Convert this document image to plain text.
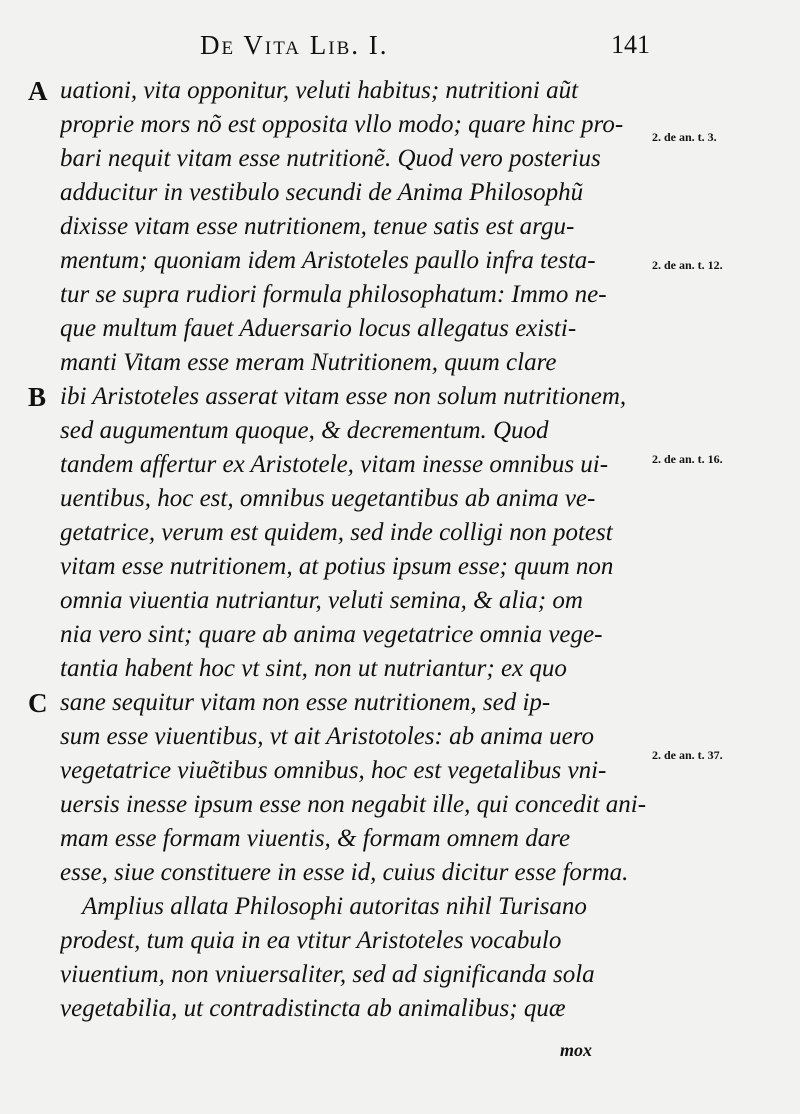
De Vita Lib. I.	141
A
B
C
uationi, vita opponitur, veluti habitus; nutritioni aũt
proprie mors nõ est opposita vllo modo; quare hinc pro-
bari nequit vitam esse nutritionẽ. Quod vero posterius
adducitur in vestibulo secundi de Anima Philosophũ
dixisse vitam esse nutritionem, tenue satis est argu-
mentum; quoniam idem Aristoteles paullo infra testa-
tur se supra rudiori formula philosophatum: Immo ne-
que multum fauet Aduersario locus allegatus existi-
manti Vitam esse meram Nutritionem, quum clare
ibi Aristoteles asserat vitam esse non solum nutritionem,
sed augumentum quoque, & decrementum. Quod
tandem affertur ex Aristotele, vitam inesse omnibus ui-
uentibus, hoc est, omnibus uegetantibus ab anima ve-
getatrice, verum est quidem, sed inde colligi non potest
vitam esse nutritionem, at potius ipsum esse; quum non
omnia viuentia nutriantur, veluti semina, & alia; om
nia vero sint; quare ab anima vegetatrice omnia vege-
tantia habent hoc vt sint, non ut nutriantur; ex quo
sane sequitur vitam non esse nutritionem, sed ip-
sum esse viuentibus, vt ait Aristotoles: ab anima uero
vegetatrice viuẽtibus omnibus, hoc est vegetalibus vni-
uersis inesse ipsum esse non negabit ille, qui concedit ani-
mam esse formam viuentis, & formam omnem dare
esse, siue constituere in esse id, cuius dicitur esse forma.
Amplius allata Philosophi autoritas nihil Turisano
prodest, tum quia in ea vtitur Aristoteles vocabulo
viuentium, non vniuersaliter, sed ad significanda sola
vegetabilia, ut contradistincta ab animalibus; quæ
2. de an. t. 3.
2. de an. t. 12.
2. de an. t. 16.
2. de an. t. 37.
mox
